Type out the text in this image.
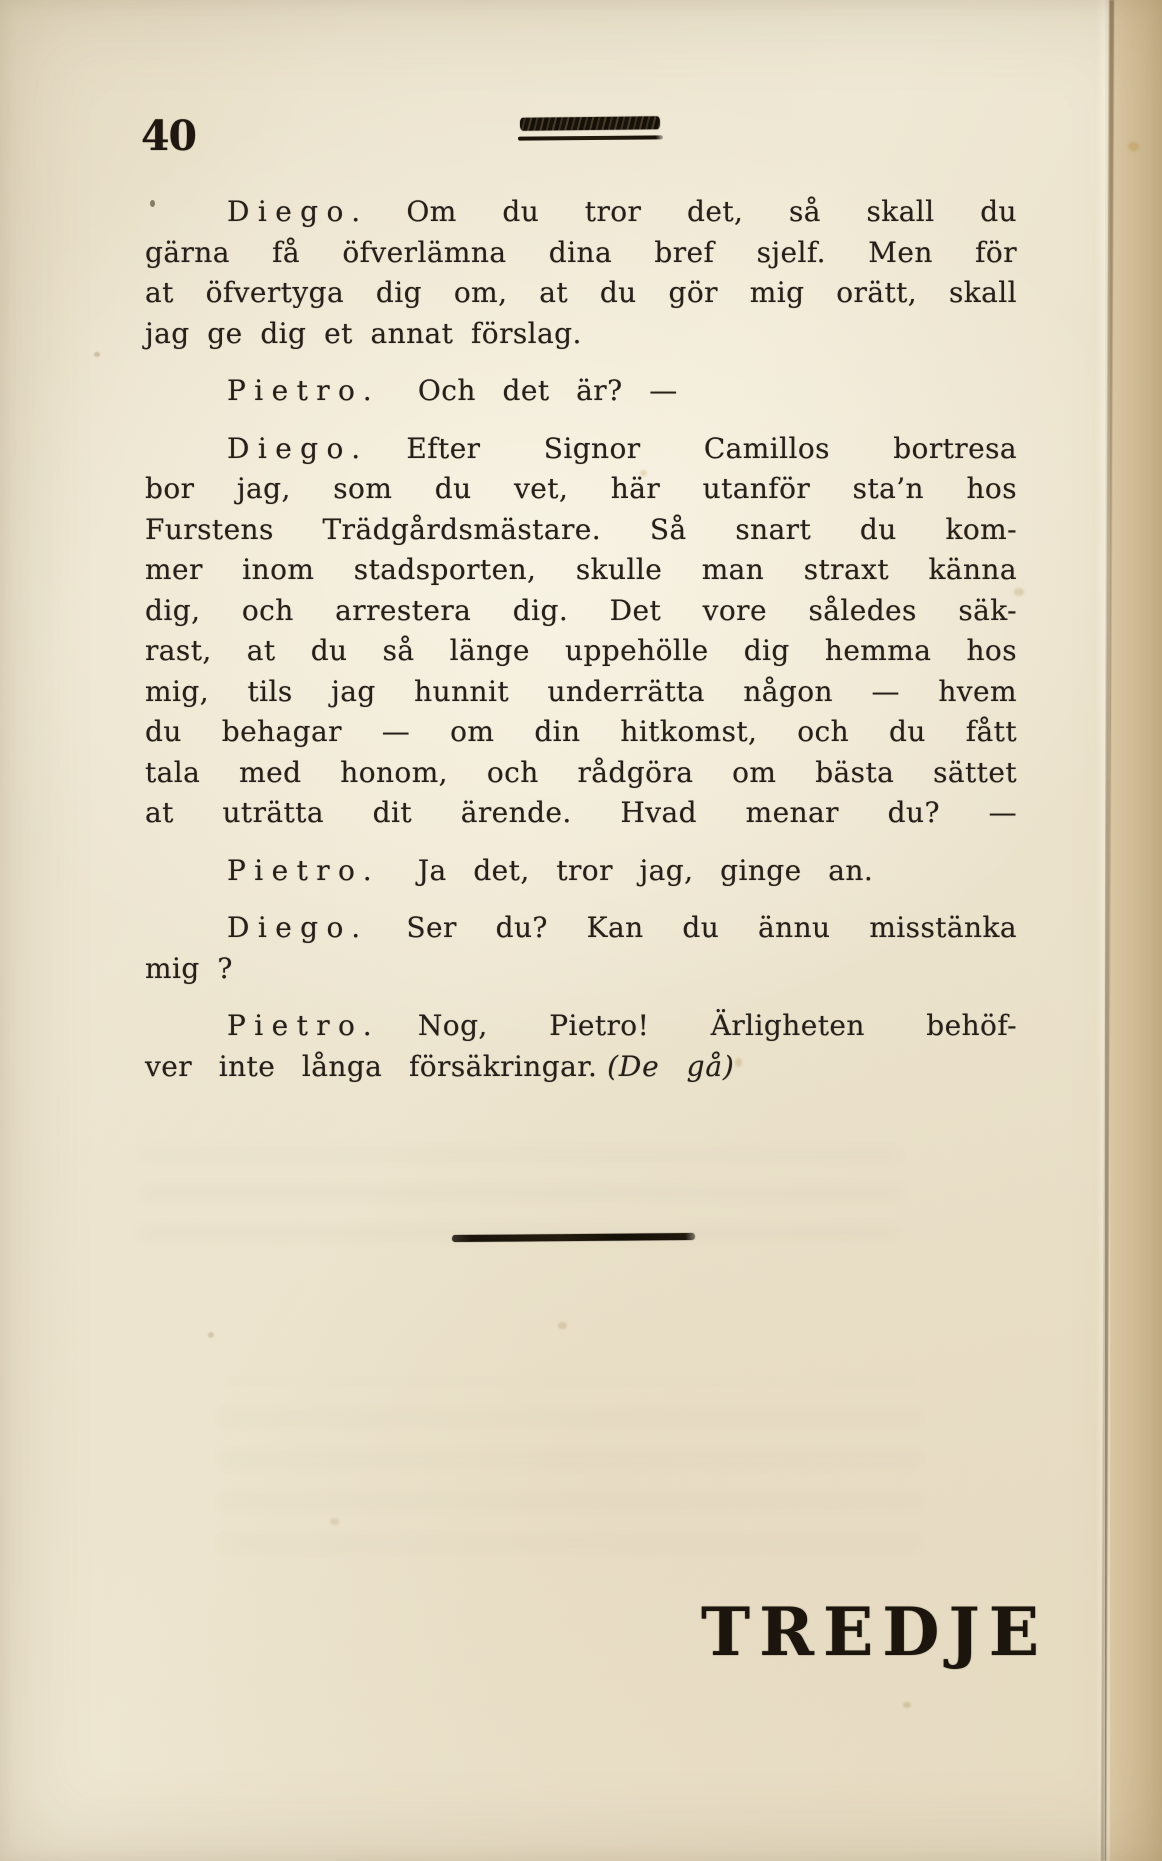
40
Diego. Om du tror det, så skall du
gärna få öfverlämna dina bref sjelf. Men för
at öfvertyga dig om, at du gör mig orätt, skall
jag ge dig et annat förslag.
Pietro. Och det är? —
Diego. Efter Signor Camillos bortresa
bor jag, som du vet, här utanför sta’n hos
Furstens Trädgårdsmästare. Så snart du kom-
mer inom stadsporten, skulle man straxt känna
dig, och arrestera dig. Det vore således säk-
rast, at du så länge uppehölle dig hemma hos
mig, tils jag hunnit underrätta någon — hvem
du behagar — om din hitkomst, och du fått
tala med honom, och rådgöra om bästa sättet
at uträtta dit ärende. Hvad menar du? —
Pietro. Ja det, tror jag, ginge an.
Diego. Ser du? Kan du ännu misstänka
mig ?
Pietro. Nog, Pietro! Ärligheten behöf-
ver inte långa försäkringar. (De gå)
TREDJE
